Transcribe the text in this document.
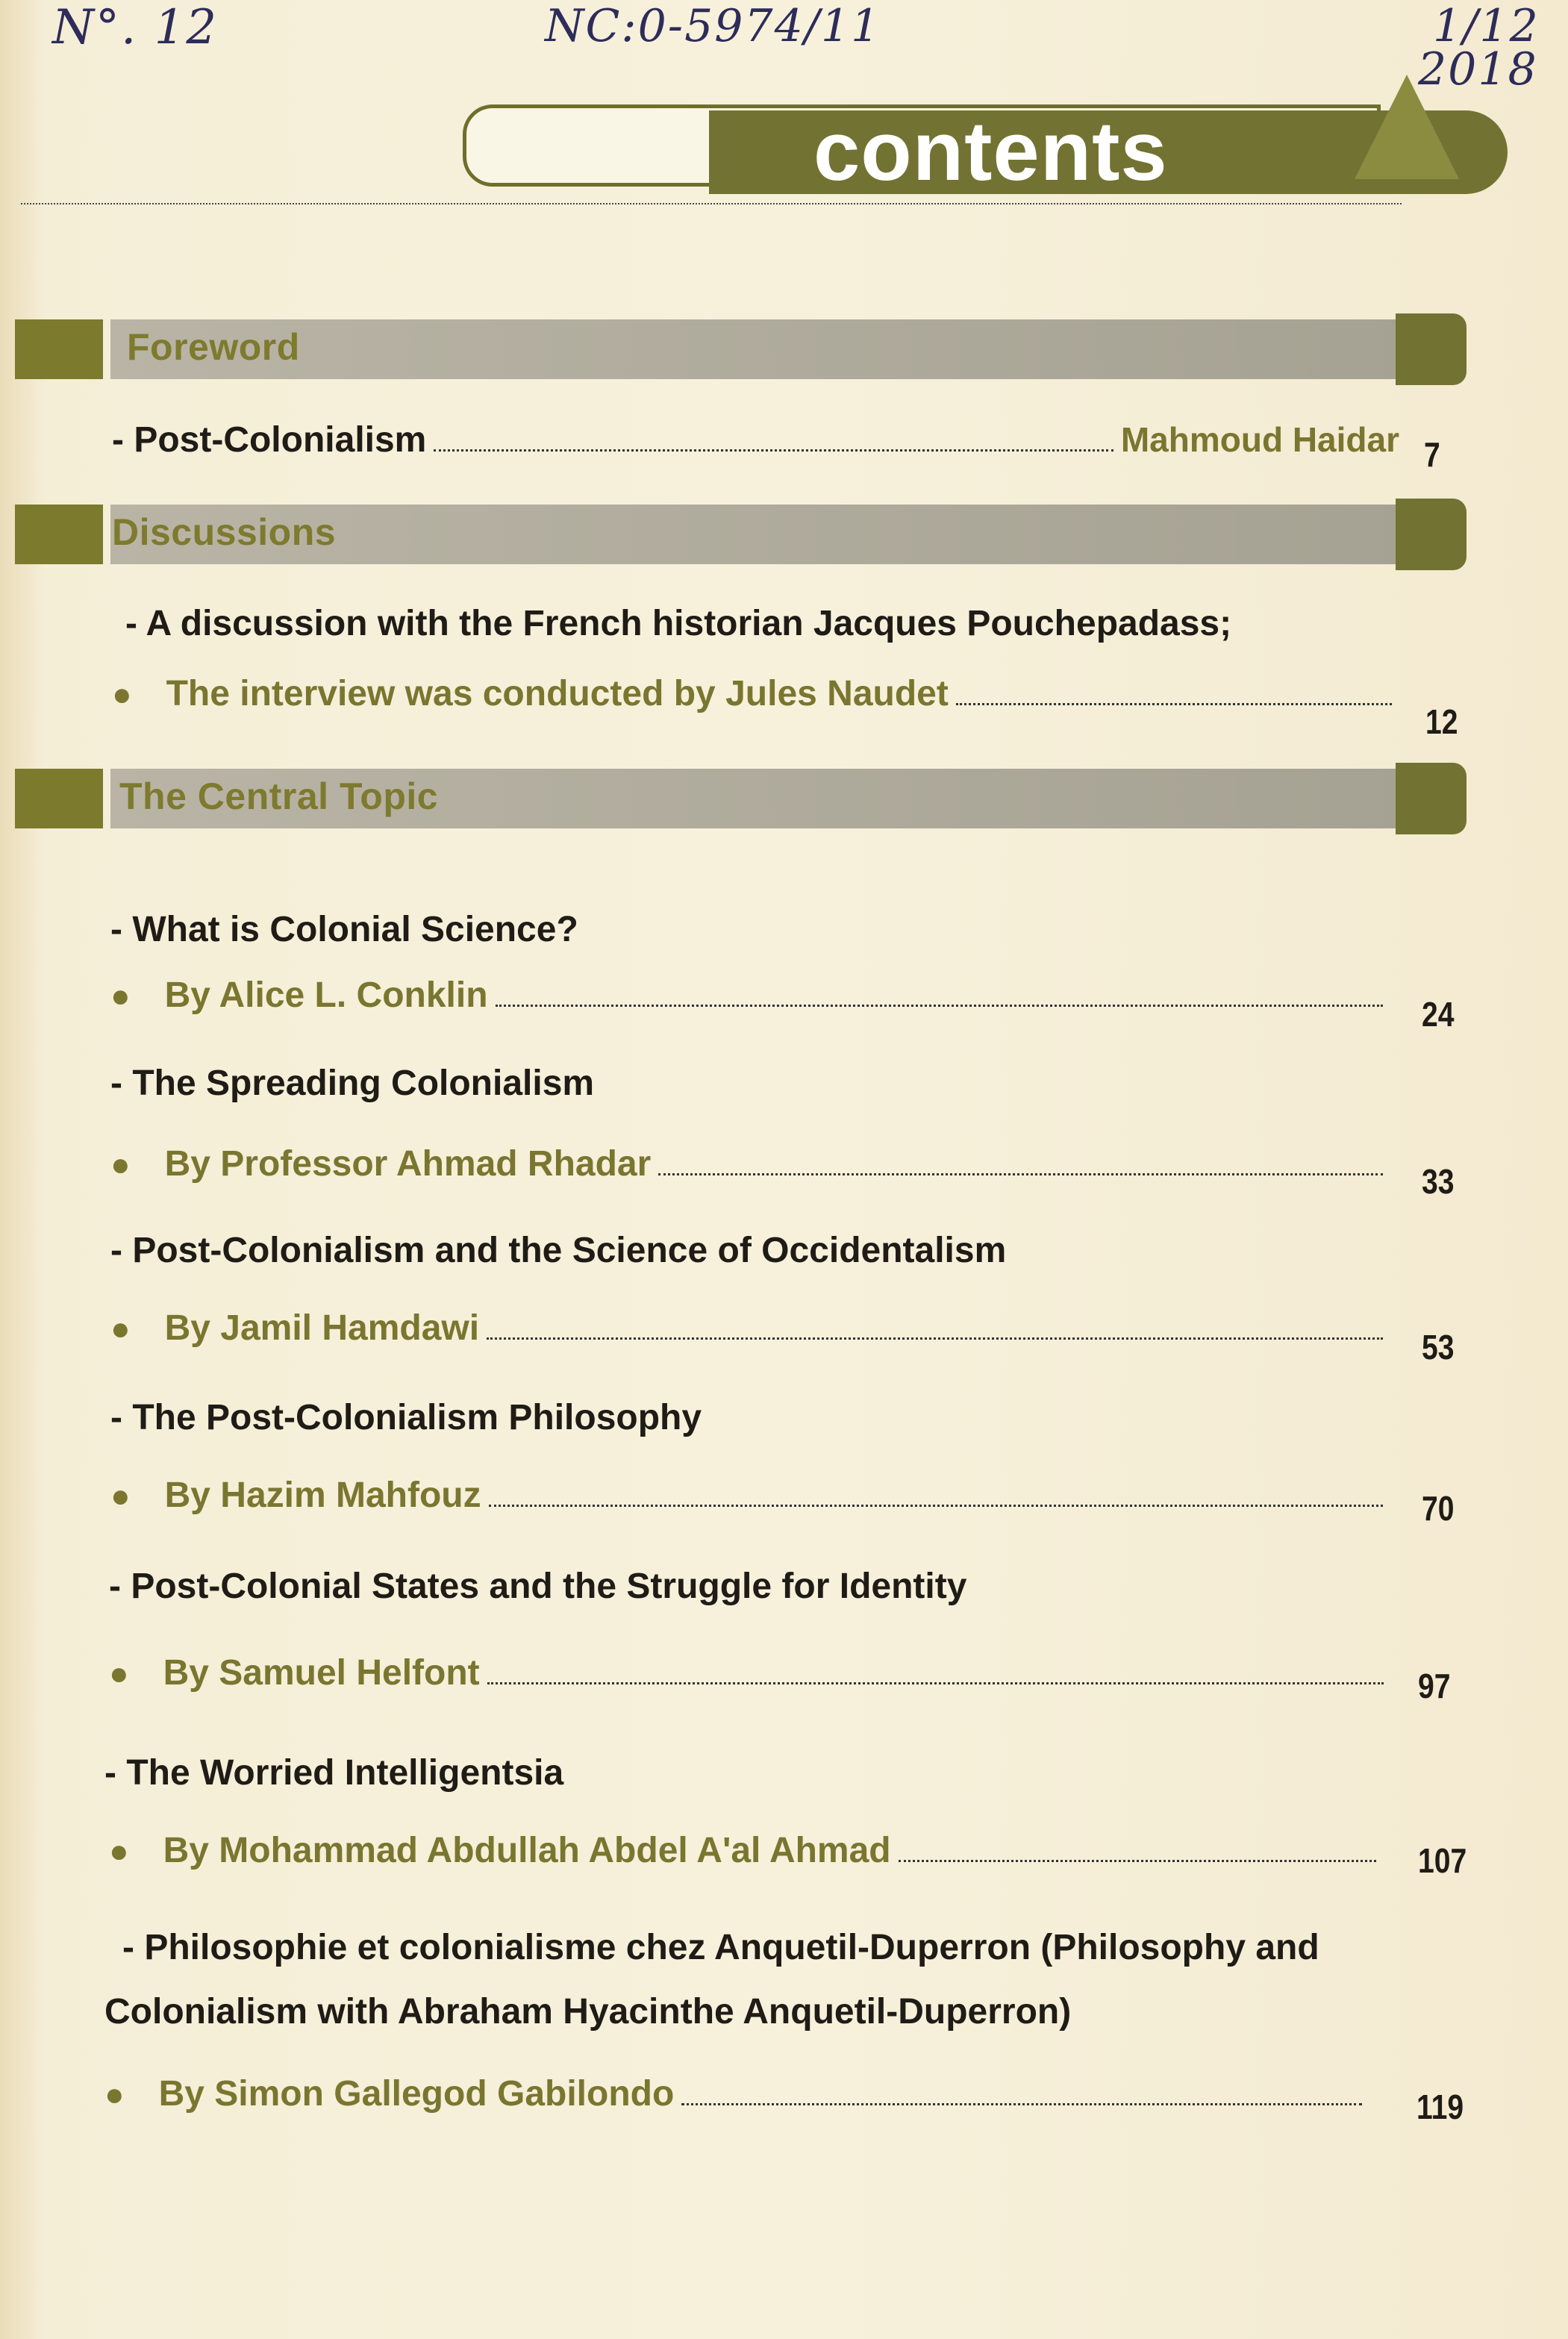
N°. 12	NC:0-5974/11	1/12
2018
contents
Foreword
- Post-Colonialism	Mahmoud Haidar 7
Discussions
- A discussion with the French historian Jacques Pouchepadass;
● The interview was conducted by Jules Naudet
12
The Central Topic
- What is Colonial Science?
● By Alice L. Conklin	24
- The Spreading Colonialism
● By Professor Ahmad Rhadar	33
- Post-Colonialism and the Science of Occidentalism
● By Jamil Hamdawi	53
- The Post-Colonialism Philosophy
● By Hazim Mahfouz	70
- Post-Colonial States and the Struggle for Identity
● By Samuel Helfont	97
- The Worried Intelligentsia
● By Mohammad Abdullah Abdel A'al Ahmad	107
- Philosophie et colonialisme chez Anquetil-Duperron (Philosophy and
Colonialism with Abraham Hyacinthe Anquetil-Duperron)
● By Simon Gallegod Gabilondo	119
